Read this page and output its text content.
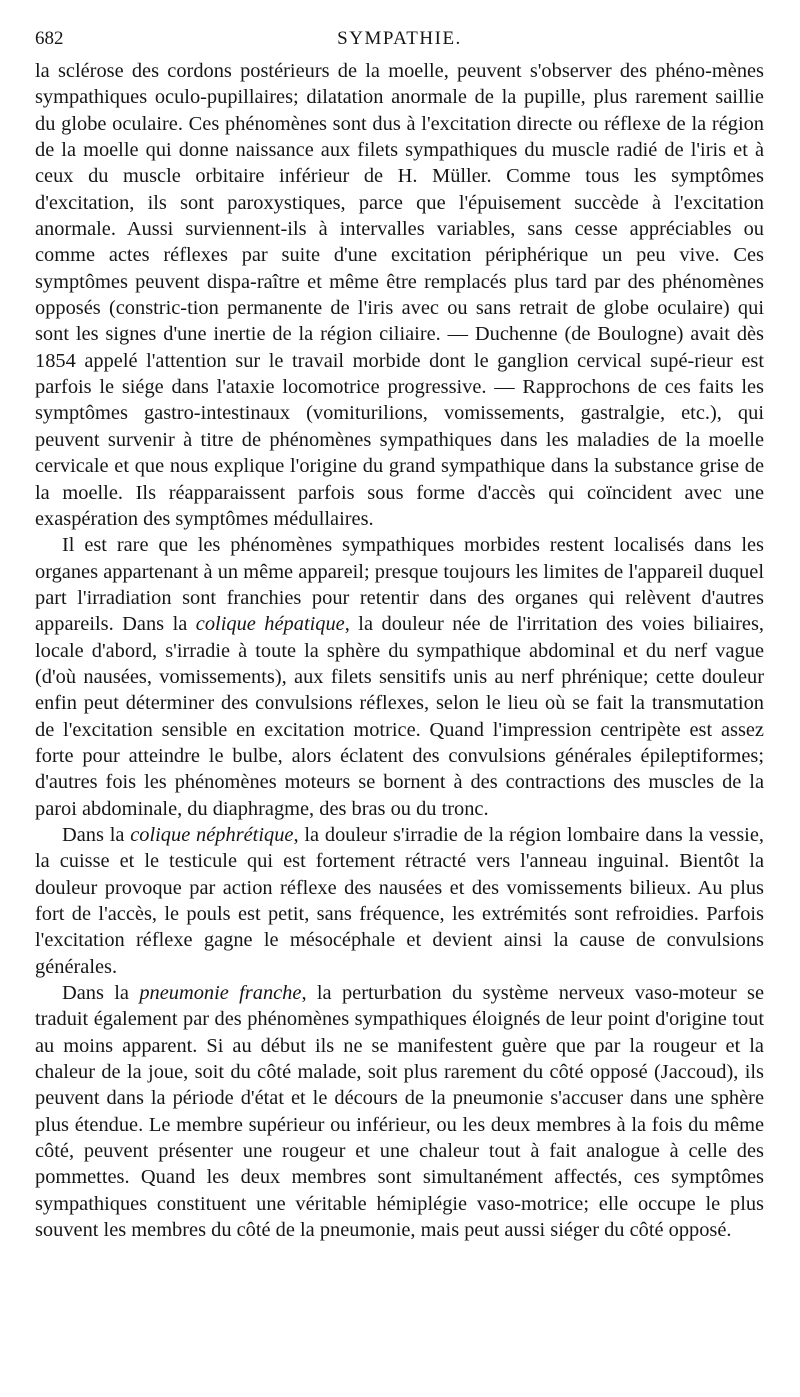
682	SYMPATHIE.

la sclérose des cordons postérieurs de la moelle, peuvent s'observer des phéno-mènes sympathiques oculo-pupillaires; dilatation anormale de la pupille, plus rarement saillie du globe oculaire. Ces phénomènes sont dus à l'excitation directe ou réflexe de la région de la moelle qui donne naissance aux filets sympathiques du muscle radié de l'iris et à ceux du muscle orbitaire inférieur de H. Müller. Comme tous les symptômes d'excitation, ils sont paroxystiques, parce que l'épuisement succède à l'excitation anormale. Aussi surviennent-ils à intervalles variables, sans cesse appréciables ou comme actes réflexes par suite d'une excitation périphérique un peu vive. Ces symptômes peuvent dispa-raître et même être remplacés plus tard par des phénomènes opposés (constric-tion permanente de l'iris avec ou sans retrait de globe oculaire) qui sont les signes d'une inertie de la région ciliaire. — Duchenne (de Boulogne) avait dès 1854 appelé l'attention sur le travail morbide dont le ganglion cervical supé-rieur est parfois le siége dans l'ataxie locomotrice progressive. — Rapprochons de ces faits les symptômes gastro-intestinaux (vomiturilions, vomissements, gastralgie, etc.), qui peuvent survenir à titre de phénomènes sympathiques dans les maladies de la moelle cervicale et que nous explique l'origine du grand sympathique dans la substance grise de la moelle. Ils réapparaissent parfois sous forme d'accès qui coïncident avec une exaspération des symptômes médullaires.

Il est rare que les phénomènes sympathiques morbides restent localisés dans les organes appartenant à un même appareil; presque toujours les limites de l'appareil duquel part l'irradiation sont franchies pour retentir dans des organes qui relèvent d'autres appareils. Dans la colique hépatique, la douleur née de l'irritation des voies biliaires, locale d'abord, s'irradie à toute la sphère du sympathique abdominal et du nerf vague (d'où nausées, vomissements), aux filets sensitifs unis au nerf phrénique; cette douleur enfin peut déterminer des convulsions réflexes, selon le lieu où se fait la transmutation de l'excitation sensible en excitation motrice. Quand l'impression centripète est assez forte pour atteindre le bulbe, alors éclatent des convulsions générales épileptiformes; d'autres fois les phénomènes moteurs se bornent à des contractions des muscles de la paroi abdominale, du diaphragme, des bras ou du tronc.

Dans la colique néphrétique, la douleur s'irradie de la région lombaire dans la vessie, la cuisse et le testicule qui est fortement rétracté vers l'anneau inguinal. Bientôt la douleur provoque par action réflexe des nausées et des vomissements bilieux. Au plus fort de l'accès, le pouls est petit, sans fréquence, les extrémités sont refroidies. Parfois l'excitation réflexe gagne le mésocéphale et devient ainsi la cause de convulsions générales.

Dans la pneumonie franche, la perturbation du système nerveux vaso-moteur se traduit également par des phénomènes sympathiques éloignés de leur point d'origine tout au moins apparent. Si au début ils ne se manifestent guère que par la rougeur et la chaleur de la joue, soit du côté malade, soit plus rarement du côté opposé (Jaccoud), ils peuvent dans la période d'état et le décours de la pneumonie s'accuser dans une sphère plus étendue. Le membre supérieur ou inférieur, ou les deux membres à la fois du même côté, peuvent présenter une rougeur et une chaleur tout à fait analogue à celle des pommettes. Quand les deux membres sont simultanément affectés, ces symptômes sympathiques constituent une véritable hémiplégie vaso-motrice; elle occupe le plus souvent les membres du côté de la pneumonie, mais peut aussi siéger du côté opposé.
